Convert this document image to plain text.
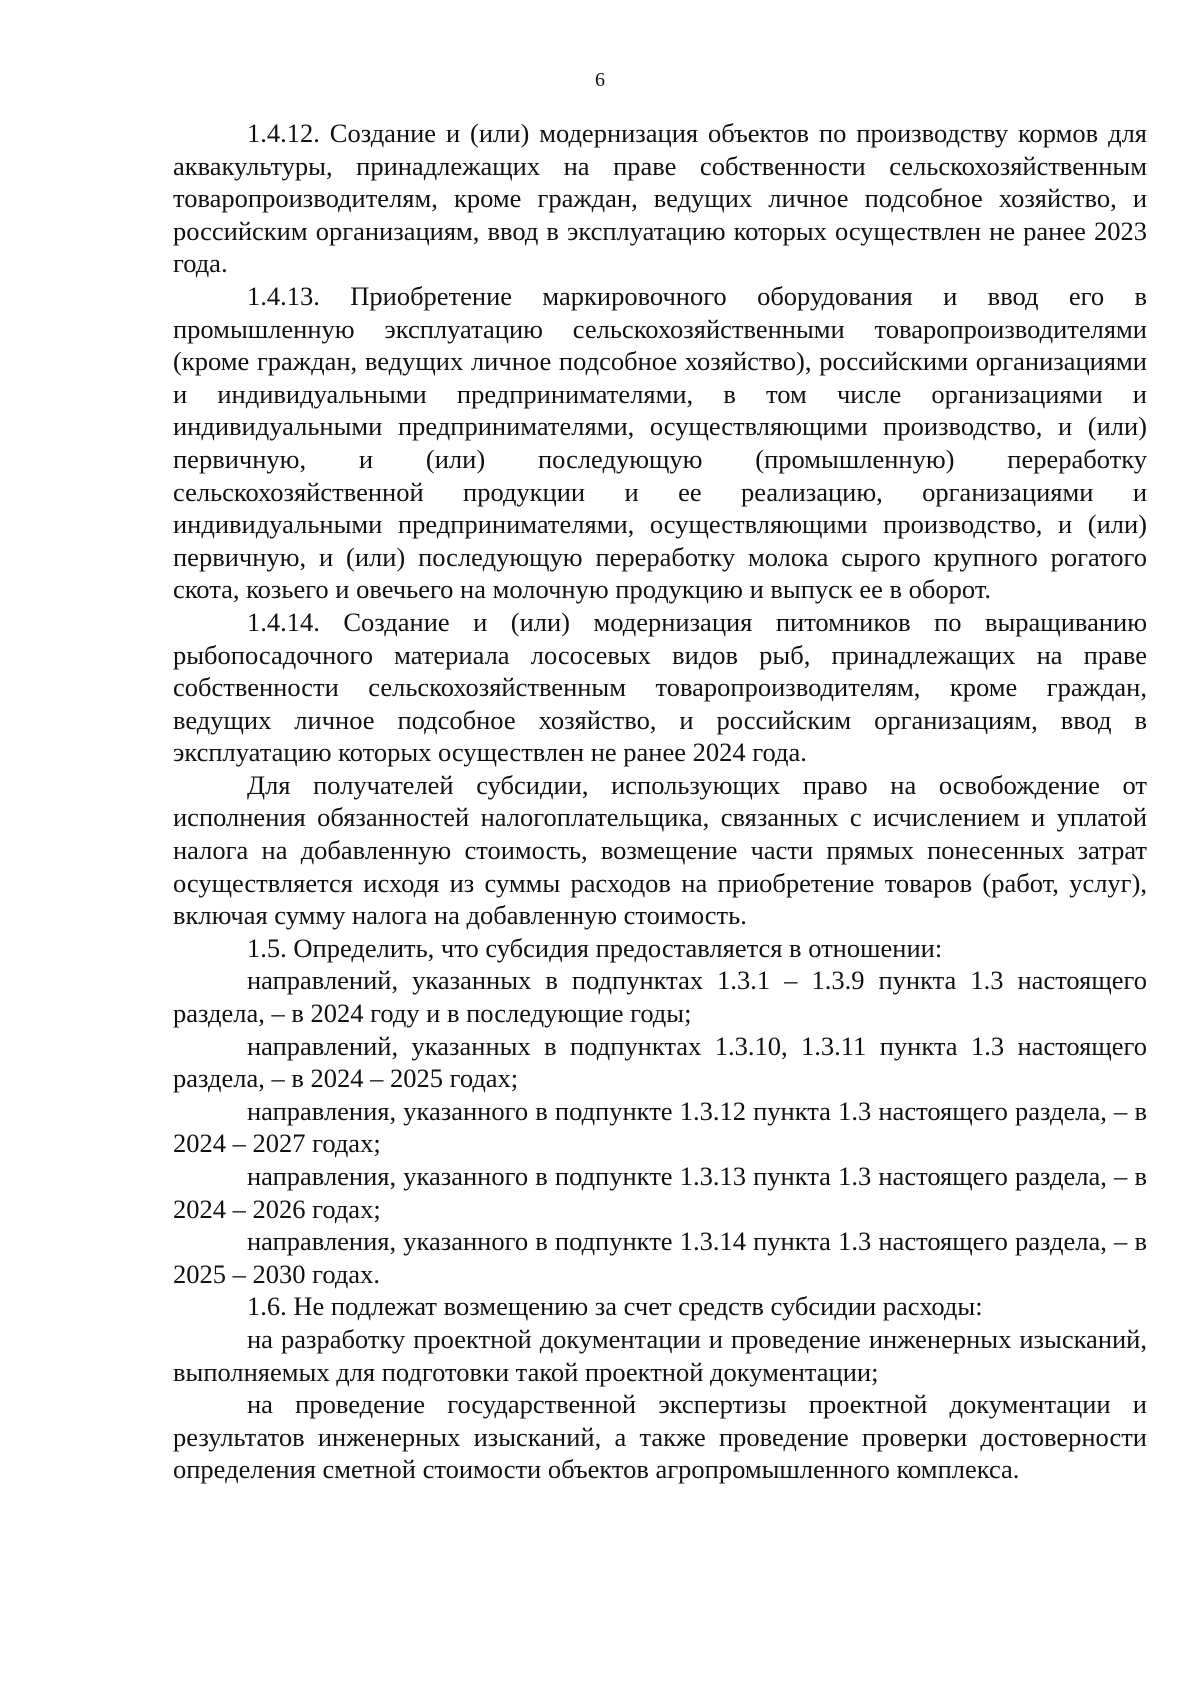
6

1.4.12. Создание и (или) модернизация объектов по производству кормов для аквакультуры, принадлежащих на праве собственности сельскохозяйственным товаропроизводителям, кроме граждан, ведущих личное подсобное хозяйство, и российским организациям, ввод в эксплуатацию которых осуществлен не ранее 2023 года.

1.4.13. Приобретение маркировочного оборудования и ввод его в промышленную эксплуатацию сельскохозяйственными товаропроизводителями (кроме граждан, ведущих личное подсобное хозяйство), российскими организациями и индивидуальными предпринимателями, в том числе организациями и индивидуальными предпринимателями, осуществляющими производство, и (или) первичную, и (или) последующую (промышленную) переработку сельскохозяйственной продукции и ее реализацию, организациями и индивидуальными предпринимателями, осуществляющими производство, и (или) первичную, и (или) последующую переработку молока сырого крупного рогатого скота, козьего и овечьего на молочную продукцию и выпуск ее в оборот.

1.4.14. Создание и (или) модернизация питомников по выращиванию рыбопосадочного материала лососевых видов рыб, принадлежащих на праве собственности сельскохозяйственным товаропроизводителям, кроме граждан, ведущих личное подсобное хозяйство, и российским организациям, ввод в эксплуатацию которых осуществлен не ранее 2024 года.

Для получателей субсидии, использующих право на освобождение от исполнения обязанностей налогоплательщика, связанных с исчислением и уплатой налога на добавленную стоимость, возмещение части прямых понесенных затрат осуществляется исходя из суммы расходов на приобретение товаров (работ, услуг), включая сумму налога на добавленную стоимость.

1.5. Определить, что субсидия предоставляется в отношении:

направлений, указанных в подпунктах 1.3.1 – 1.3.9 пункта 1.3 настоящего раздела, – в 2024 году и в последующие годы;

направлений, указанных в подпунктах 1.3.10, 1.3.11 пункта 1.3 настоящего раздела, – в 2024 – 2025 годах;

направления, указанного в подпункте 1.3.12 пункта 1.3 настоящего раздела, – в 2024 – 2027 годах;

направления, указанного в подпункте 1.3.13 пункта 1.3 настоящего раздела, – в 2024 – 2026 годах;

направления, указанного в подпункте 1.3.14 пункта 1.3 настоящего раздела, – в 2025 – 2030 годах.

1.6. Не подлежат возмещению за счет средств субсидии расходы:

на разработку проектной документации и проведение инженерных изысканий, выполняемых для подготовки такой проектной документации;

на проведение государственной экспертизы проектной документации и результатов инженерных изысканий, а также проведение проверки достоверности определения сметной стоимости объектов агропромышленного комплекса.
